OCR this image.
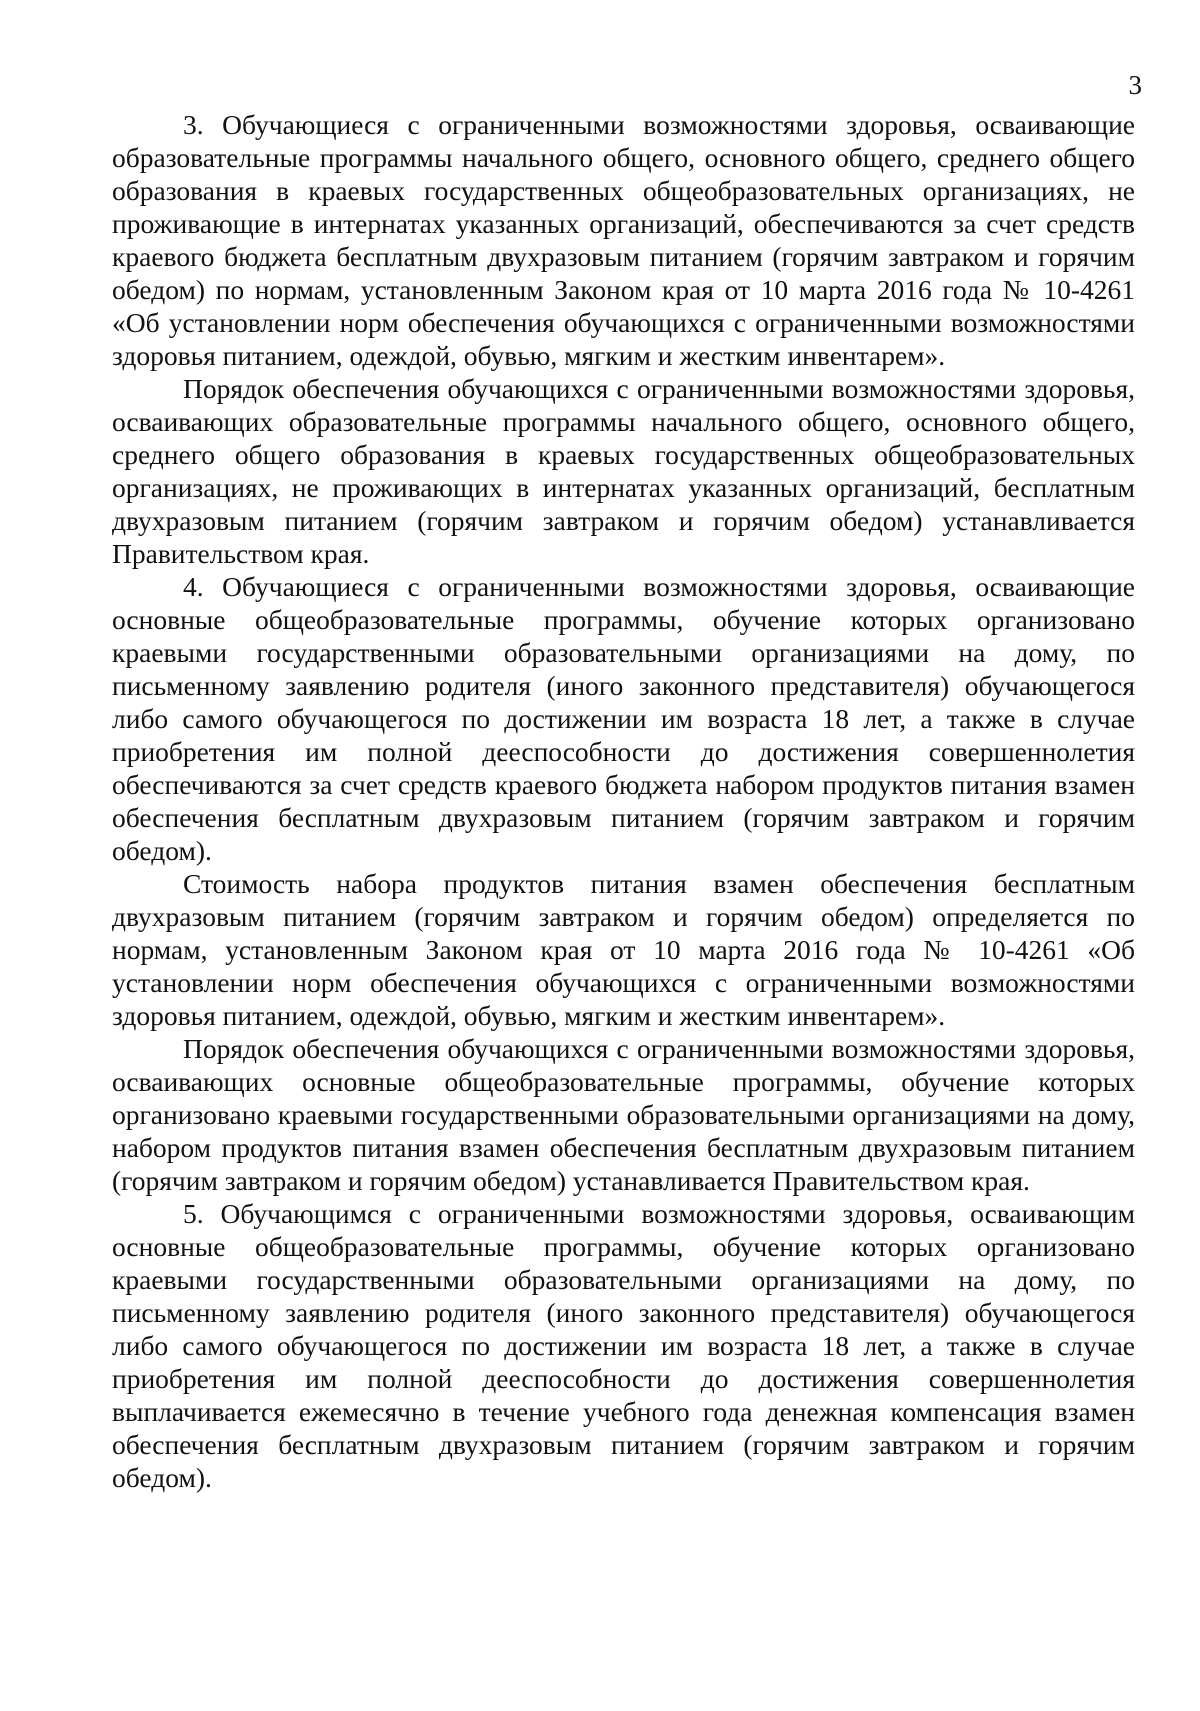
3

3. Обучающиеся с ограниченными возможностями здоровья, осваивающие образовательные программы начального общего, основного общего, среднего общего образования в краевых государственных общеобразовательных организациях, не проживающие в интернатах указанных организаций, обеспечиваются за счет средств краевого бюджета бесплатным двухразовым питанием (горячим завтраком и горячим обедом) по нормам, установленным Законом края от 10 марта 2016 года № 10-4261 «Об установлении норм обеспечения обучающихся с ограниченными возможностями здоровья питанием, одеждой, обувью, мягким и жестким инвентарем».

Порядок обеспечения обучающихся с ограниченными возможностями здоровья, осваивающих образовательные программы начального общего, основного общего, среднего общего образования в краевых государственных общеобразовательных организациях, не проживающих в интернатах указанных организаций, бесплатным двухразовым питанием (горячим завтраком и горячим обедом) устанавливается Правительством края.

4. Обучающиеся с ограниченными возможностями здоровья, осваивающие основные общеобразовательные программы, обучение которых организовано краевыми государственными образовательными организациями на дому, по письменному заявлению родителя (иного законного представителя) обучающегося либо самого обучающегося по достижении им возраста 18 лет, а также в случае приобретения им полной дееспособности до достижения совершеннолетия обеспечиваются за счет средств краевого бюджета набором продуктов питания взамен обеспечения бесплатным двухразовым питанием (горячим завтраком и горячим обедом).

Стоимость набора продуктов питания взамен обеспечения бесплатным двухразовым питанием (горячим завтраком и горячим обедом) определяется по нормам, установленным Законом края от 10 марта 2016 года № 10-4261 «Об установлении норм обеспечения обучающихся с ограниченными возможностями здоровья питанием, одеждой, обувью, мягким и жестким инвентарем».

Порядок обеспечения обучающихся с ограниченными возможностями здоровья, осваивающих основные общеобразовательные программы, обучение которых организовано краевыми государственными образовательными организациями на дому, набором продуктов питания взамен обеспечения бесплатным двухразовым питанием (горячим завтраком и горячим обедом) устанавливается Правительством края.

5. Обучающимся с ограниченными возможностями здоровья, осваивающим основные общеобразовательные программы, обучение которых организовано краевыми государственными образовательными организациями на дому, по письменному заявлению родителя (иного законного представителя) обучающегося либо самого обучающегося по достижении им возраста 18 лет, а также в случае приобретения им полной дееспособности до достижения совершеннолетия выплачивается ежемесячно в течение учебного года денежная компенсация взамен обеспечения бесплатным двухразовым питанием (горячим завтраком и горячим обедом).
